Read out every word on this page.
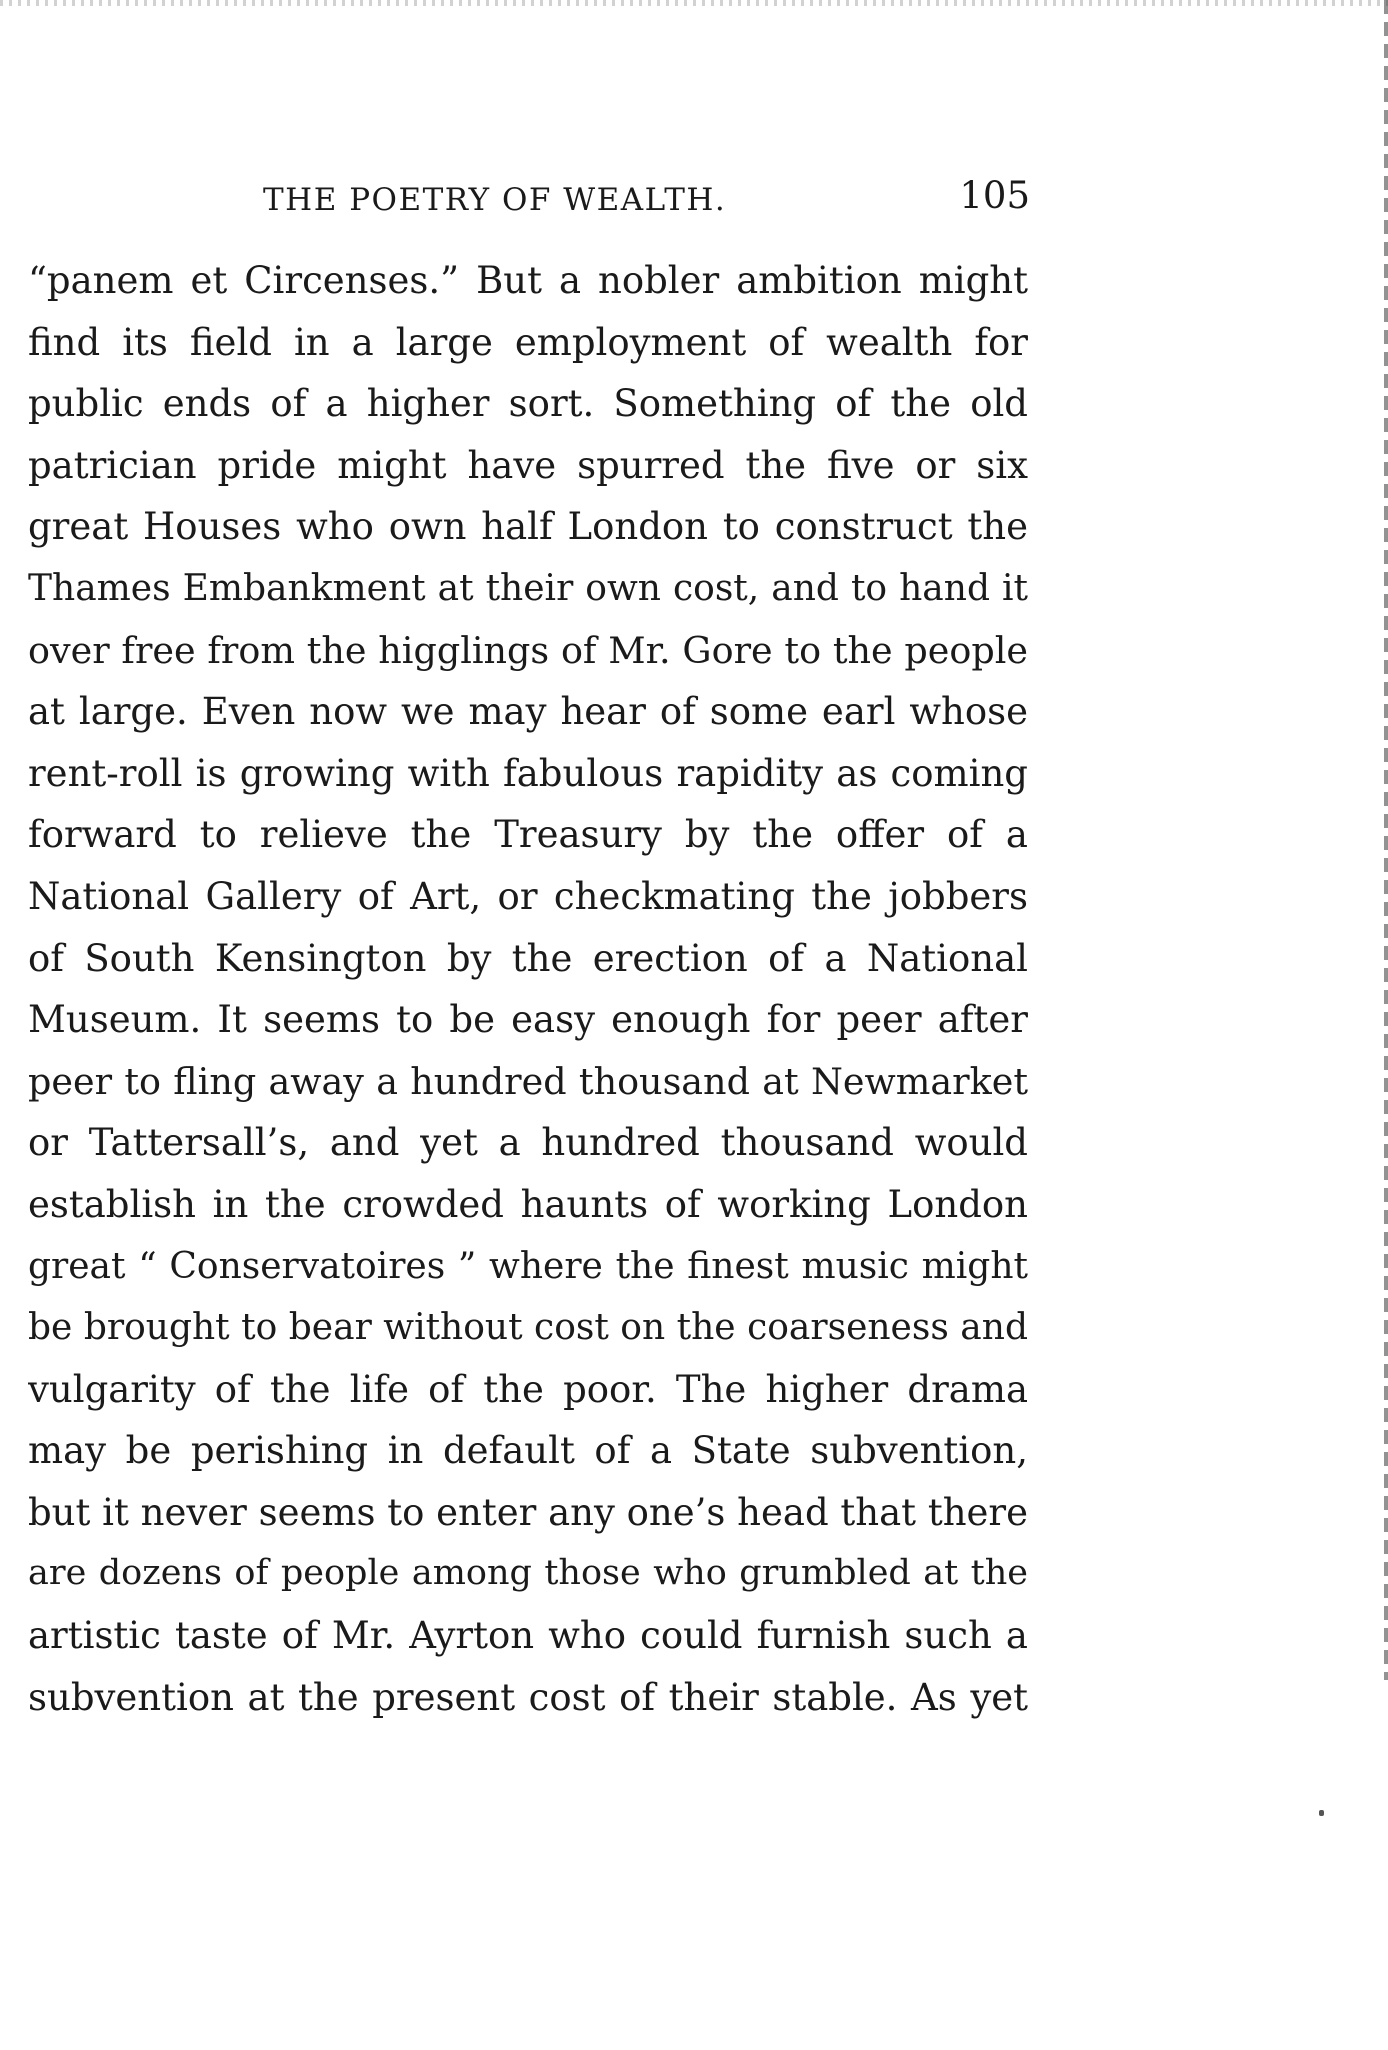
THE POETRY OF WEALTH.	105
“panem et Circenses.” But a nobler ambition might
find its field in a large employment of wealth for
public ends of a higher sort. Something of the old
patrician pride might have spurred the five or six
great Houses who own half London to construct the
Thames Embankment at their own cost, and to hand it
over free from the higglings of Mr. Gore to the people
at large. Even now we may hear of some earl whose
rent-roll is growing with fabulous rapidity as coming
forward to relieve the Treasury by the offer of a
National Gallery of Art, or checkmating the jobbers
of South Kensington by the erection of a National
Museum. It seems to be easy enough for peer after
peer to fling away a hundred thousand at Newmarket
or Tattersall’s, and yet a hundred thousand would
establish in the crowded haunts of working London
great “ Conservatoires ” where the finest music might
be brought to bear without cost on the coarseness and
vulgarity of the life of the poor. The higher drama
may be perishing in default of a State subvention,
but it never seems to enter any one’s head that there
are dozens of people among those who grumbled at the
artistic taste of Mr. Ayrton who could furnish such a
subvention at the present cost of their stable. As yet
